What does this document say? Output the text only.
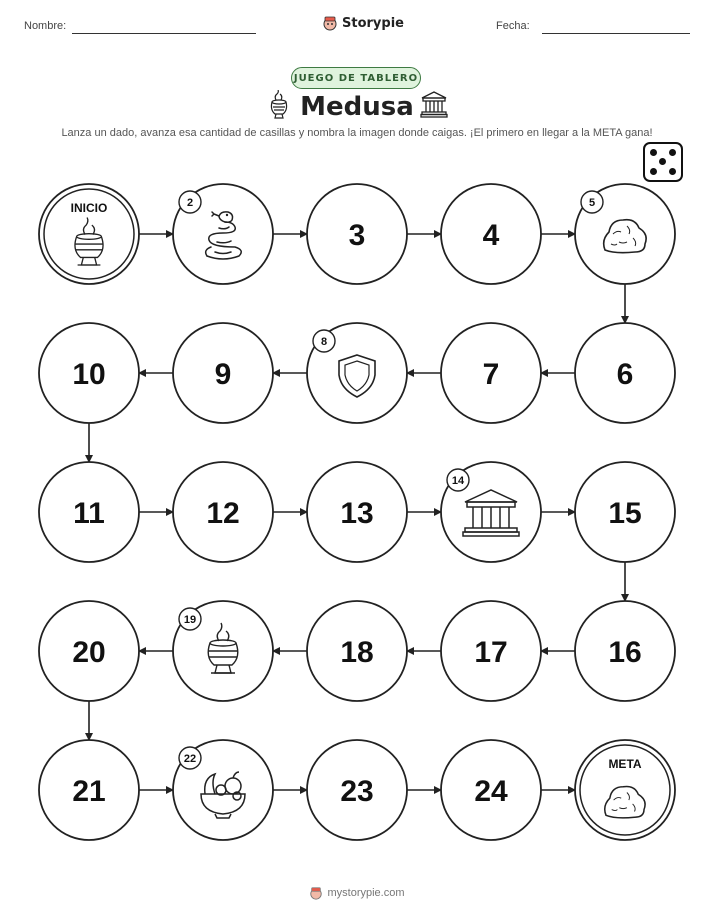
Nombre:	Storypie	Fecha:
JUEGO DE TABLERO
Medusa
Lanza un dado, avanza esa cantidad de casillas y nombra la imagen donde caigas. ¡El primero en llegar a la META gana!
INICIO	2
3	4
5
6
7
8
9
10
11	12	13
14
15
16
17
18
19
20
21
22
23	24
META
mystorypie.com
